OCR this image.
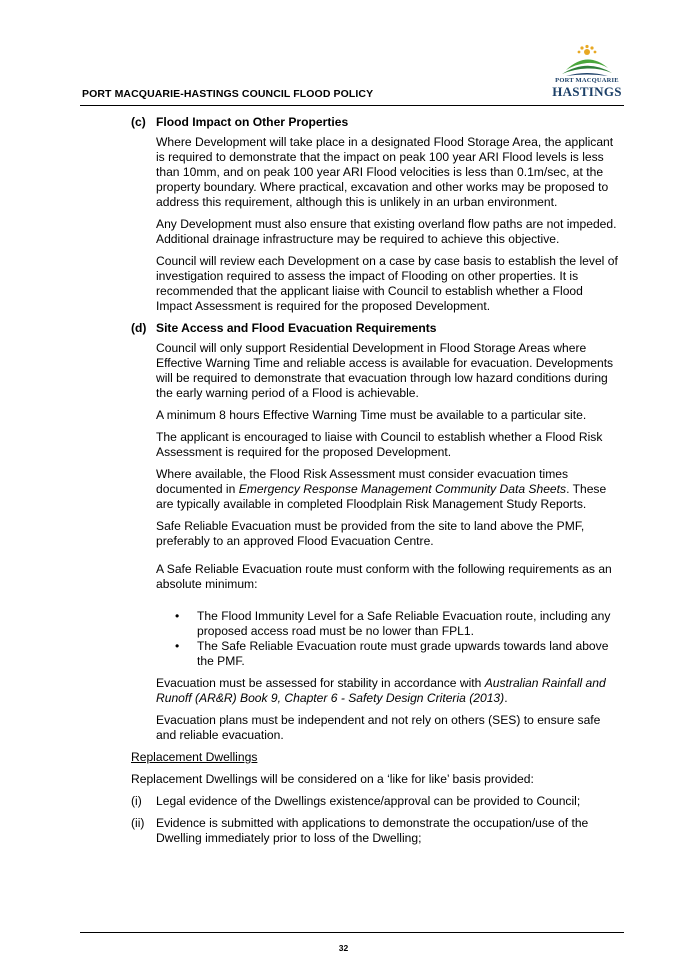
PORT MACQUARIE-HASTINGS COUNCIL FLOOD POLICY
PORT MACQUARIE
HASTINGS
(c) Flood Impact on Other Properties

Where Development will take place in a designated Flood Storage Area, the applicant is required to demonstrate that the impact on peak 100 year ARI Flood levels is less than 10mm, and on peak 100 year ARI Flood velocities is less than 0.1m/sec, at the property boundary. Where practical, excavation and other works may be proposed to address this requirement, although this is unlikely in an urban environment.

Any Development must also ensure that existing overland flow paths are not impeded. Additional drainage infrastructure may be required to achieve this objective.

Council will review each Development on a case by case basis to establish the level of investigation required to assess the impact of Flooding on other properties. It is recommended that the applicant liaise with Council to establish whether a Flood Impact Assessment is required for the proposed Development.

(d) Site Access and Flood Evacuation Requirements

Council will only support Residential Development in Flood Storage Areas where Effective Warning Time and reliable access is available for evacuation. Developments will be required to demonstrate that evacuation through low hazard conditions during the early warning period of a Flood is achievable.

A minimum 8 hours Effective Warning Time must be available to a particular site.

The applicant is encouraged to liaise with Council to establish whether a Flood Risk Assessment is required for the proposed Development.

Where available, the Flood Risk Assessment must consider evacuation times documented in Emergency Response Management Community Data Sheets. These are typically available in completed Floodplain Risk Management Study Reports.

Safe Reliable Evacuation must be provided from the site to land above the PMF, preferably to an approved Flood Evacuation Centre.

A Safe Reliable Evacuation route must conform with the following requirements as an absolute minimum:

• The Flood Immunity Level for a Safe Reliable Evacuation route, including any proposed access road must be no lower than FPL1.
• The Safe Reliable Evacuation route must grade upwards towards land above the PMF.

Evacuation must be assessed for stability in accordance with Australian Rainfall and Runoff (AR&R) Book 9, Chapter 6 - Safety Design Criteria (2013).

Evacuation plans must be independent and not rely on others (SES) to ensure safe and reliable evacuation.

Replacement Dwellings

Replacement Dwellings will be considered on a ‘like for like’ basis provided:

(i) Legal evidence of the Dwellings existence/approval can be provided to Council;
(ii) Evidence is submitted with applications to demonstrate the occupation/use of the Dwelling immediately prior to loss of the Dwelling;
32
